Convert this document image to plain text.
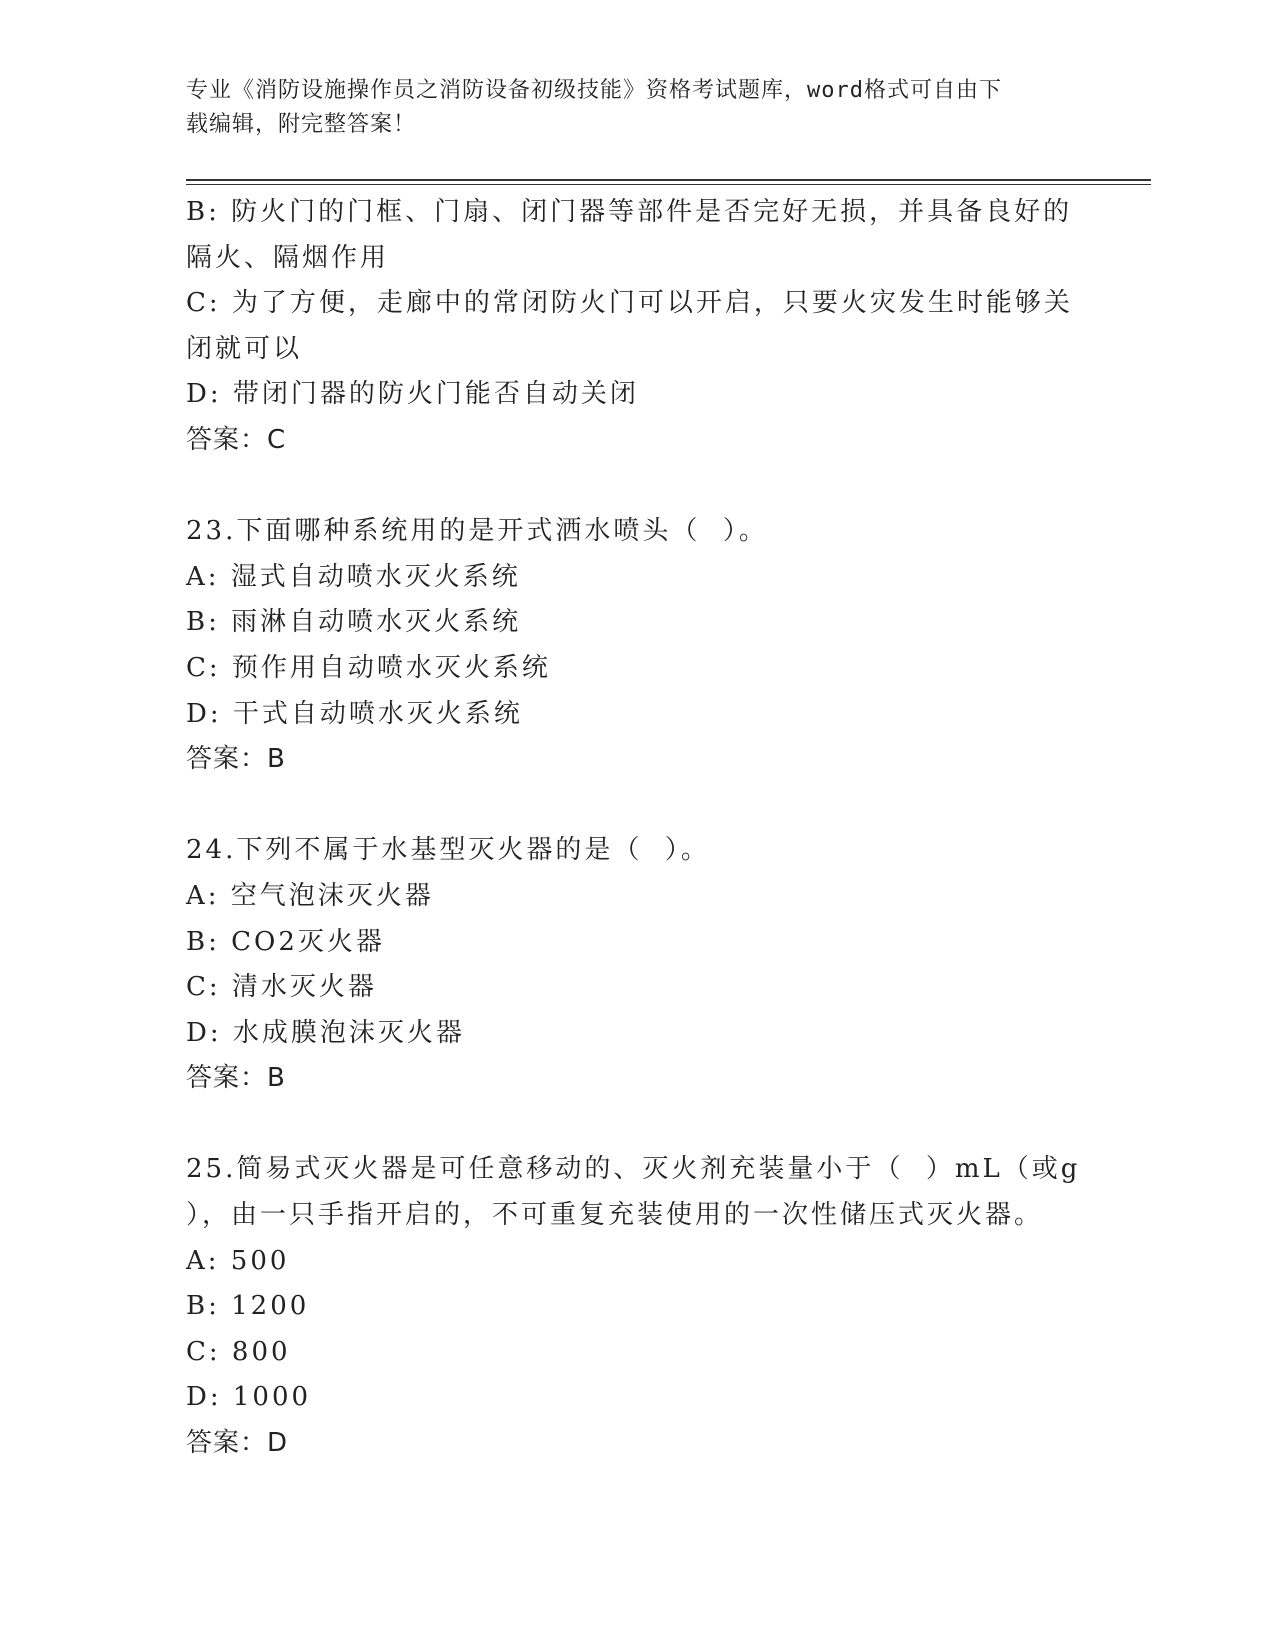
专业《消防设施操作员之消防设备初级技能》资格考试题库，word格式可自由下
载编辑，附完整答案！
B: 防火门的门框、门扇、闭门器等部件是否完好无损，并具备良好的
隔火、隔烟作用
C: 为了方便，走廊中的常闭防火门可以开启，只要火灾发生时能够关
闭就可以
D: 带闭门器的防火门能否自动关闭
答案：C
23.下面哪种系统用的是开式洒水喷头（  ）。
A: 湿式自动喷水灭火系统
B: 雨淋自动喷水灭火系统
C: 预作用自动喷水灭火系统
D: 干式自动喷水灭火系统
答案：B
24.下列不属于水基型灭火器的是（  ）。
A: 空气泡沫灭火器
B: CO2灭火器
C: 清水灭火器
D: 水成膜泡沫灭火器
答案：B
25.简易式灭火器是可任意移动的、灭火剂充装量小于（  ）mL（或g
），由一只手指开启的，不可重复充装使用的一次性储压式灭火器。
A: 500
B: 1200
C: 800
D: 1000
答案：D
